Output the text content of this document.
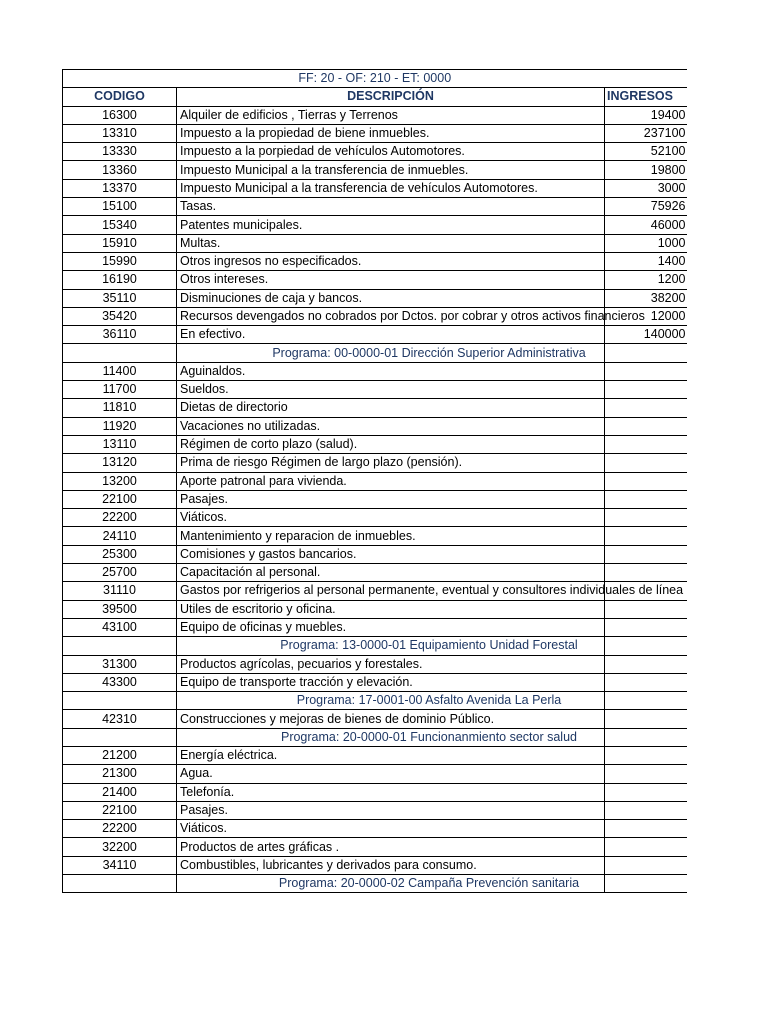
FF: 20 - OF: 210 - ET: 0000		
CODIGO	DESCRIPCIÓN	INGRESOS
16300	Alquiler de edificios , Tierras y Terrenos	19400
13310	Impuesto a la propiedad de biene inmuebles.	237100
13330	Impuesto a la porpiedad de vehículos Automotores.	52100
13360	Impuesto Municipal a la transferencia de inmuebles.	19800
13370	Impuesto Municipal a la transferencia de vehículos Automotores.	3000
15100	Tasas.	75926
15340	Patentes municipales.	46000
15910	Multas.	1000
15990	Otros ingresos no especificados.	1400
16190	Otros intereses.	1200
35110	Disminuciones de caja y bancos.	38200
35420	Recursos devengados no cobrados por Dctos. por cobrar y otros activos financieros	12000
36110	En efectivo.	140000
	Programa: 00-0000-01 Dirección Superior Administrativa	
11400	Aguinaldos.	
11700	Sueldos.	
11810	Dietas de directorio	
11920	Vacaciones no utilizadas.	
13110	Régimen de corto plazo (salud).	
13120	Prima de riesgo Régimen de largo plazo (pensión).	
13200	Aporte patronal para vivienda.	
22100	Pasajes.	
22200	Viáticos.	
24110	Mantenimiento y reparacion de inmuebles.	
25300	Comisiones y gastos bancarios.	
25700	Capacitación al personal.	
31110	Gastos por refrigerios al personal permanente, eventual y consultores individuales de línea	
39500	Utiles de escritorio y oficina.	
43100	Equipo de oficinas y muebles.	
	Programa: 13-0000-01 Equipamiento Unidad Forestal	
31300	Productos agrícolas, pecuarios y forestales.	
43300	Equipo de transporte tracción y elevación.	
	Programa: 17-0001-00 Asfalto Avenida La Perla	
42310	Construcciones y mejoras de bienes de dominio Público.	
	Programa: 20-0000-01 Funcionanmiento sector salud	
21200	Energía eléctrica.	
21300	Agua.	
21400	Telefonía.	
22100	Pasajes.	
22200	Viáticos.	
32200	Productos de artes gráficas .	
34110	Combustibles, lubricantes y derivados para consumo.	
	Programa: 20-0000-02 Campaña Prevención sanitaria	
